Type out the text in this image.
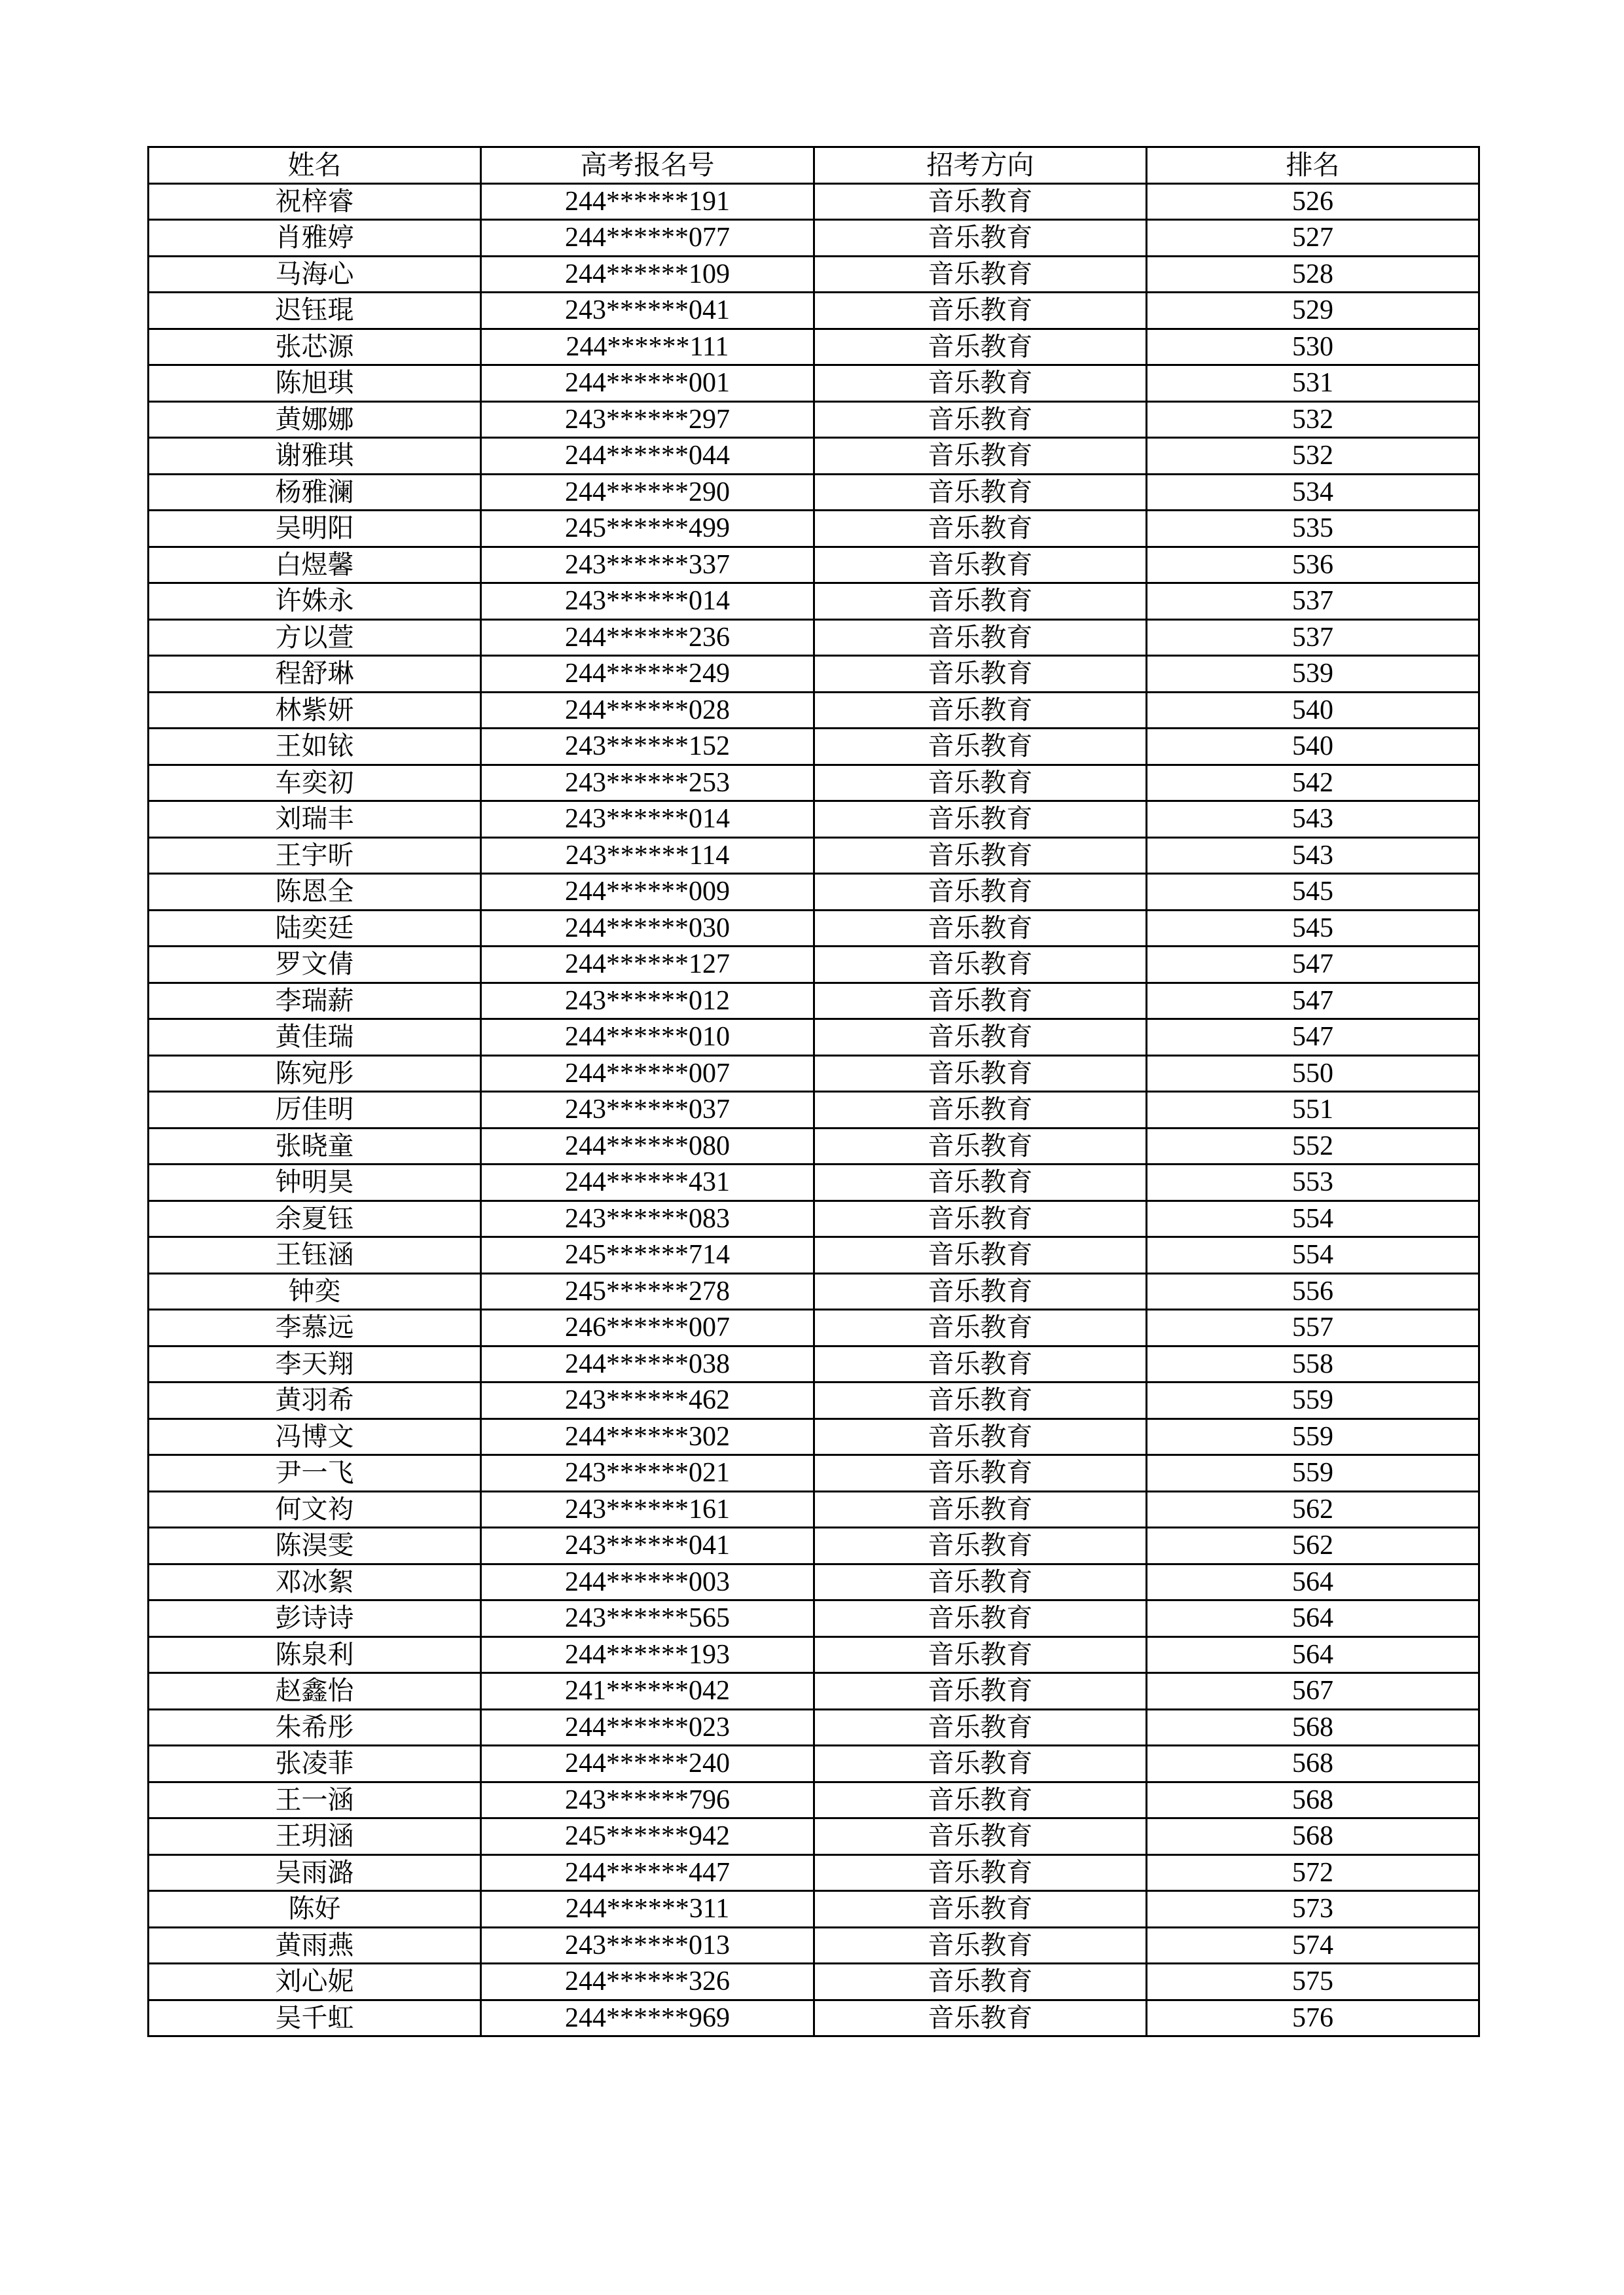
姓名	高考报名号	招考方向	排名
祝梓睿	244******191	音乐教育	526
肖雅婷	244******077	音乐教育	527
马海心	244******109	音乐教育	528
迟钰琨	243******041	音乐教育	529
张芯源	244******111	音乐教育	530
陈旭琪	244******001	音乐教育	531
黄娜娜	243******297	音乐教育	532
谢雅琪	244******044	音乐教育	532
杨雅澜	244******290	音乐教育	534
吴明阳	245******499	音乐教育	535
白煜馨	243******337	音乐教育	536
许姝永	243******014	音乐教育	537
方以萱	244******236	音乐教育	537
程舒琳	244******249	音乐教育	539
林紫妍	244******028	音乐教育	540
王如铱	243******152	音乐教育	540
车奕初	243******253	音乐教育	542
刘瑞丰	243******014	音乐教育	543
王宇昕	243******114	音乐教育	543
陈恩全	244******009	音乐教育	545
陆奕廷	244******030	音乐教育	545
罗文倩	244******127	音乐教育	547
李瑞薪	243******012	音乐教育	547
黄佳瑞	244******010	音乐教育	547
陈宛彤	244******007	音乐教育	550
厉佳明	243******037	音乐教育	551
张晓童	244******080	音乐教育	552
钟明昊	244******431	音乐教育	553
余夏钰	243******083	音乐教育	554
王钰涵	245******714	音乐教育	554
钟奕	245******278	音乐教育	556
李慕远	246******007	音乐教育	557
李天翔	244******038	音乐教育	558
黄羽希	243******462	音乐教育	559
冯博文	244******302	音乐教育	559
尹一飞	243******021	音乐教育	559
何文袀	243******161	音乐教育	562
陈淏雯	243******041	音乐教育	562
邓冰絮	244******003	音乐教育	564
彭诗诗	243******565	音乐教育	564
陈泉利	244******193	音乐教育	564
赵鑫怡	241******042	音乐教育	567
朱希彤	244******023	音乐教育	568
张凌菲	244******240	音乐教育	568
王一涵	243******796	音乐教育	568
王玥涵	245******942	音乐教育	568
吴雨潞	244******447	音乐教育	572
陈好	244******311	音乐教育	573
黄雨燕	243******013	音乐教育	574
刘心妮	244******326	音乐教育	575
吴千虹	244******969	音乐教育	576
